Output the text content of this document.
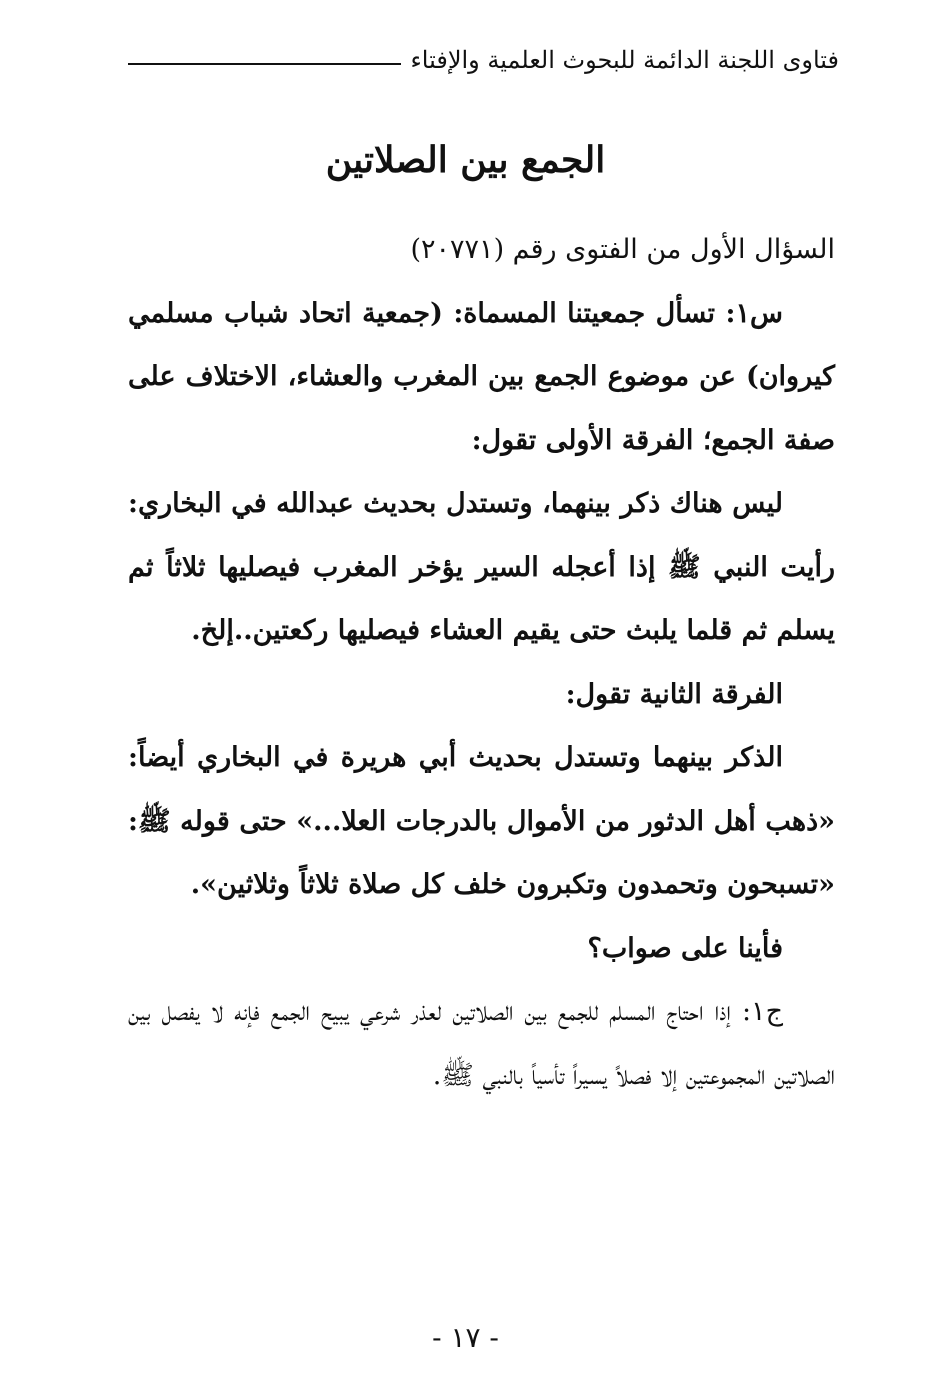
فتاوى اللجنة الدائمة للبحوث العلمية والإفتاء
الجمع بين الصلاتين

السؤال الأول من الفتوى رقم (٢٠٧٧١)

س١: تسأل جمعيتنا المسماة: (جمعية اتحاد شباب مسلمي كيروان) عن موضوع الجمع بين المغرب والعشاء، الاختلاف على صفة الجمع؛ الفرقة الأولى تقول:

ليس هناك ذكر بينهما، وتستدل بحديث عبدالله في البخاري: رأيت النبي ﷺ إذا أعجله السير يؤخر المغرب فيصليها ثلاثاً ثم يسلم ثم قلما يلبث حتى يقيم العشاء فيصليها ركعتين..إلخ.

الفرقة الثانية تقول:

الذكر بينهما وتستدل بحديث أبي هريرة في البخاري أيضاً: «ذهب أهل الدثور من الأموال بالدرجات العلا...» حتى قوله ﷺ: «تسبحون وتحمدون وتكبرون خلف كل صلاة ثلاثاً وثلاثين».

فأينا على صواب؟

ج١: إذا احتاج المسلم للجمع بين الصلاتين لعذر شرعي يبيح الجمع فإنه لا يفصل بين الصلاتين المجموعتين إلا فصلاً يسيراً تأسياً بالنبي ﷺ.

- ١٧ -
